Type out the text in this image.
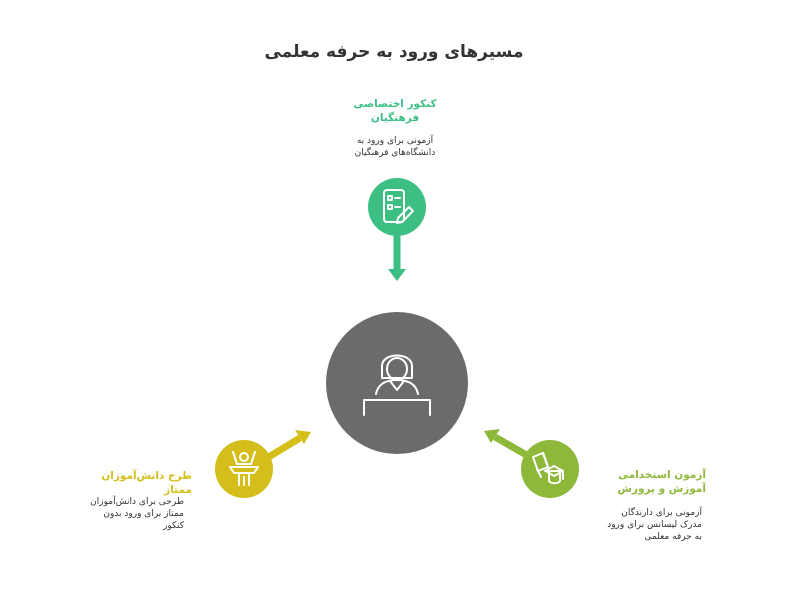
مسیرهای ورود به حرفه معلمی
کنکور اختصاصی فرهنگیان
آزمونی برای ورود به دانشگاه‌های فرهنگیان
طرح دانش‌آموزان ممتاز
طرحی برای دانش‌آموزان ممتاز برای ورود بدون کنکور
آزمون استخدامی آموزش و پرورش
آزمونی برای دارندگان مدرک لیسانس برای ورود به حرفه معلمی
